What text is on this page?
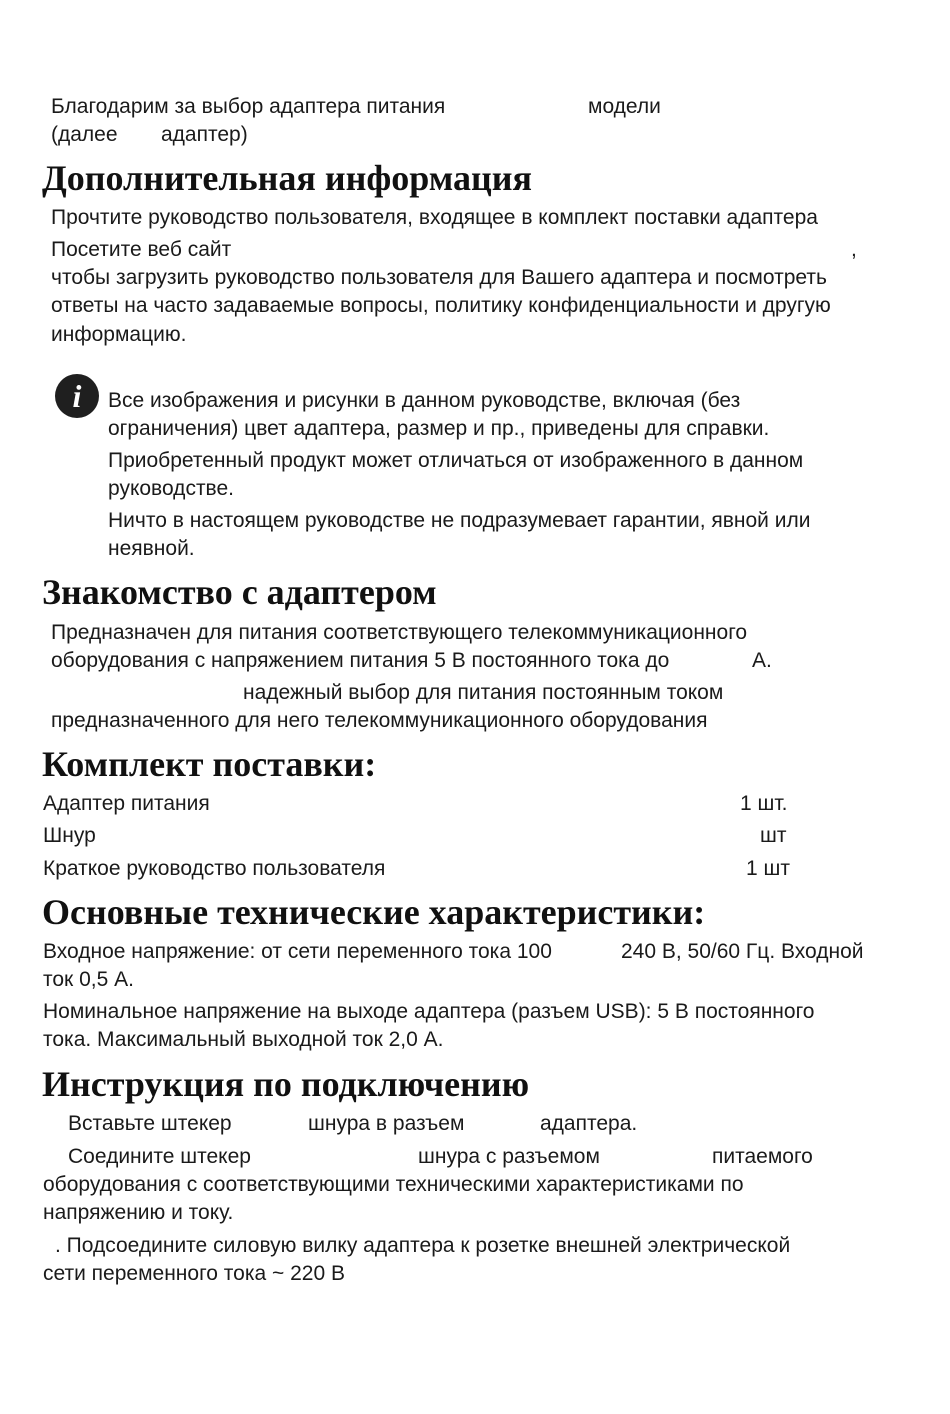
Благодарим за выбор адаптера питания	модели
(далее адаптер)
Дополнительная информация
Прочтите руководство пользователя, входящее в комплект поставки адаптера
Посетите веб сайт	,
чтобы загрузить руководство пользователя для Вашего адаптера и посмотреть
ответы на часто задаваемые вопросы, политику конфиденциальности и другую
информацию.
i	Все изображения и рисунки в данном руководстве, включая (без
ограничения) цвет адаптера, размер и пр., приведены для справки.
Приобретенный продукт может отличаться от изображенного в данном
руководстве.
Ничто в настоящем руководстве не подразумевает гарантии, явной или
неявной.
Знакомство с адаптером
Предназначен для питания соответствующего телекоммуникационного
оборудования с напряжением питания 5 В постоянного тока до	А.
надежный выбор для питания постоянным током
предназначенного для него телекоммуникационного оборудования
Комплект поставки:
Адаптер питания	1 шт.
Шнур	шт
Краткое руководство пользователя	1 шт
Основные технические характеристики:
Входное напряжение: от сети переменного тока 100	240 В, 50/60 Гц. Входной
ток 0,5 А.
Номинальное напряжение на выходе адаптера (разъем USB): 5 В постоянного
тока. Максимальный выходной ток 2,0 А.
Инструкция по подключению
Вставьте штекер	шнура в разъем	адаптера.
Соедините штекер	шнура с разъемом	питаемого
оборудования с соответствующими техническими характеристиками по
напряжению и току.
. Подсоедините силовую вилку адаптера к розетке внешней электрической
сети переменного тока ~ 220 В
